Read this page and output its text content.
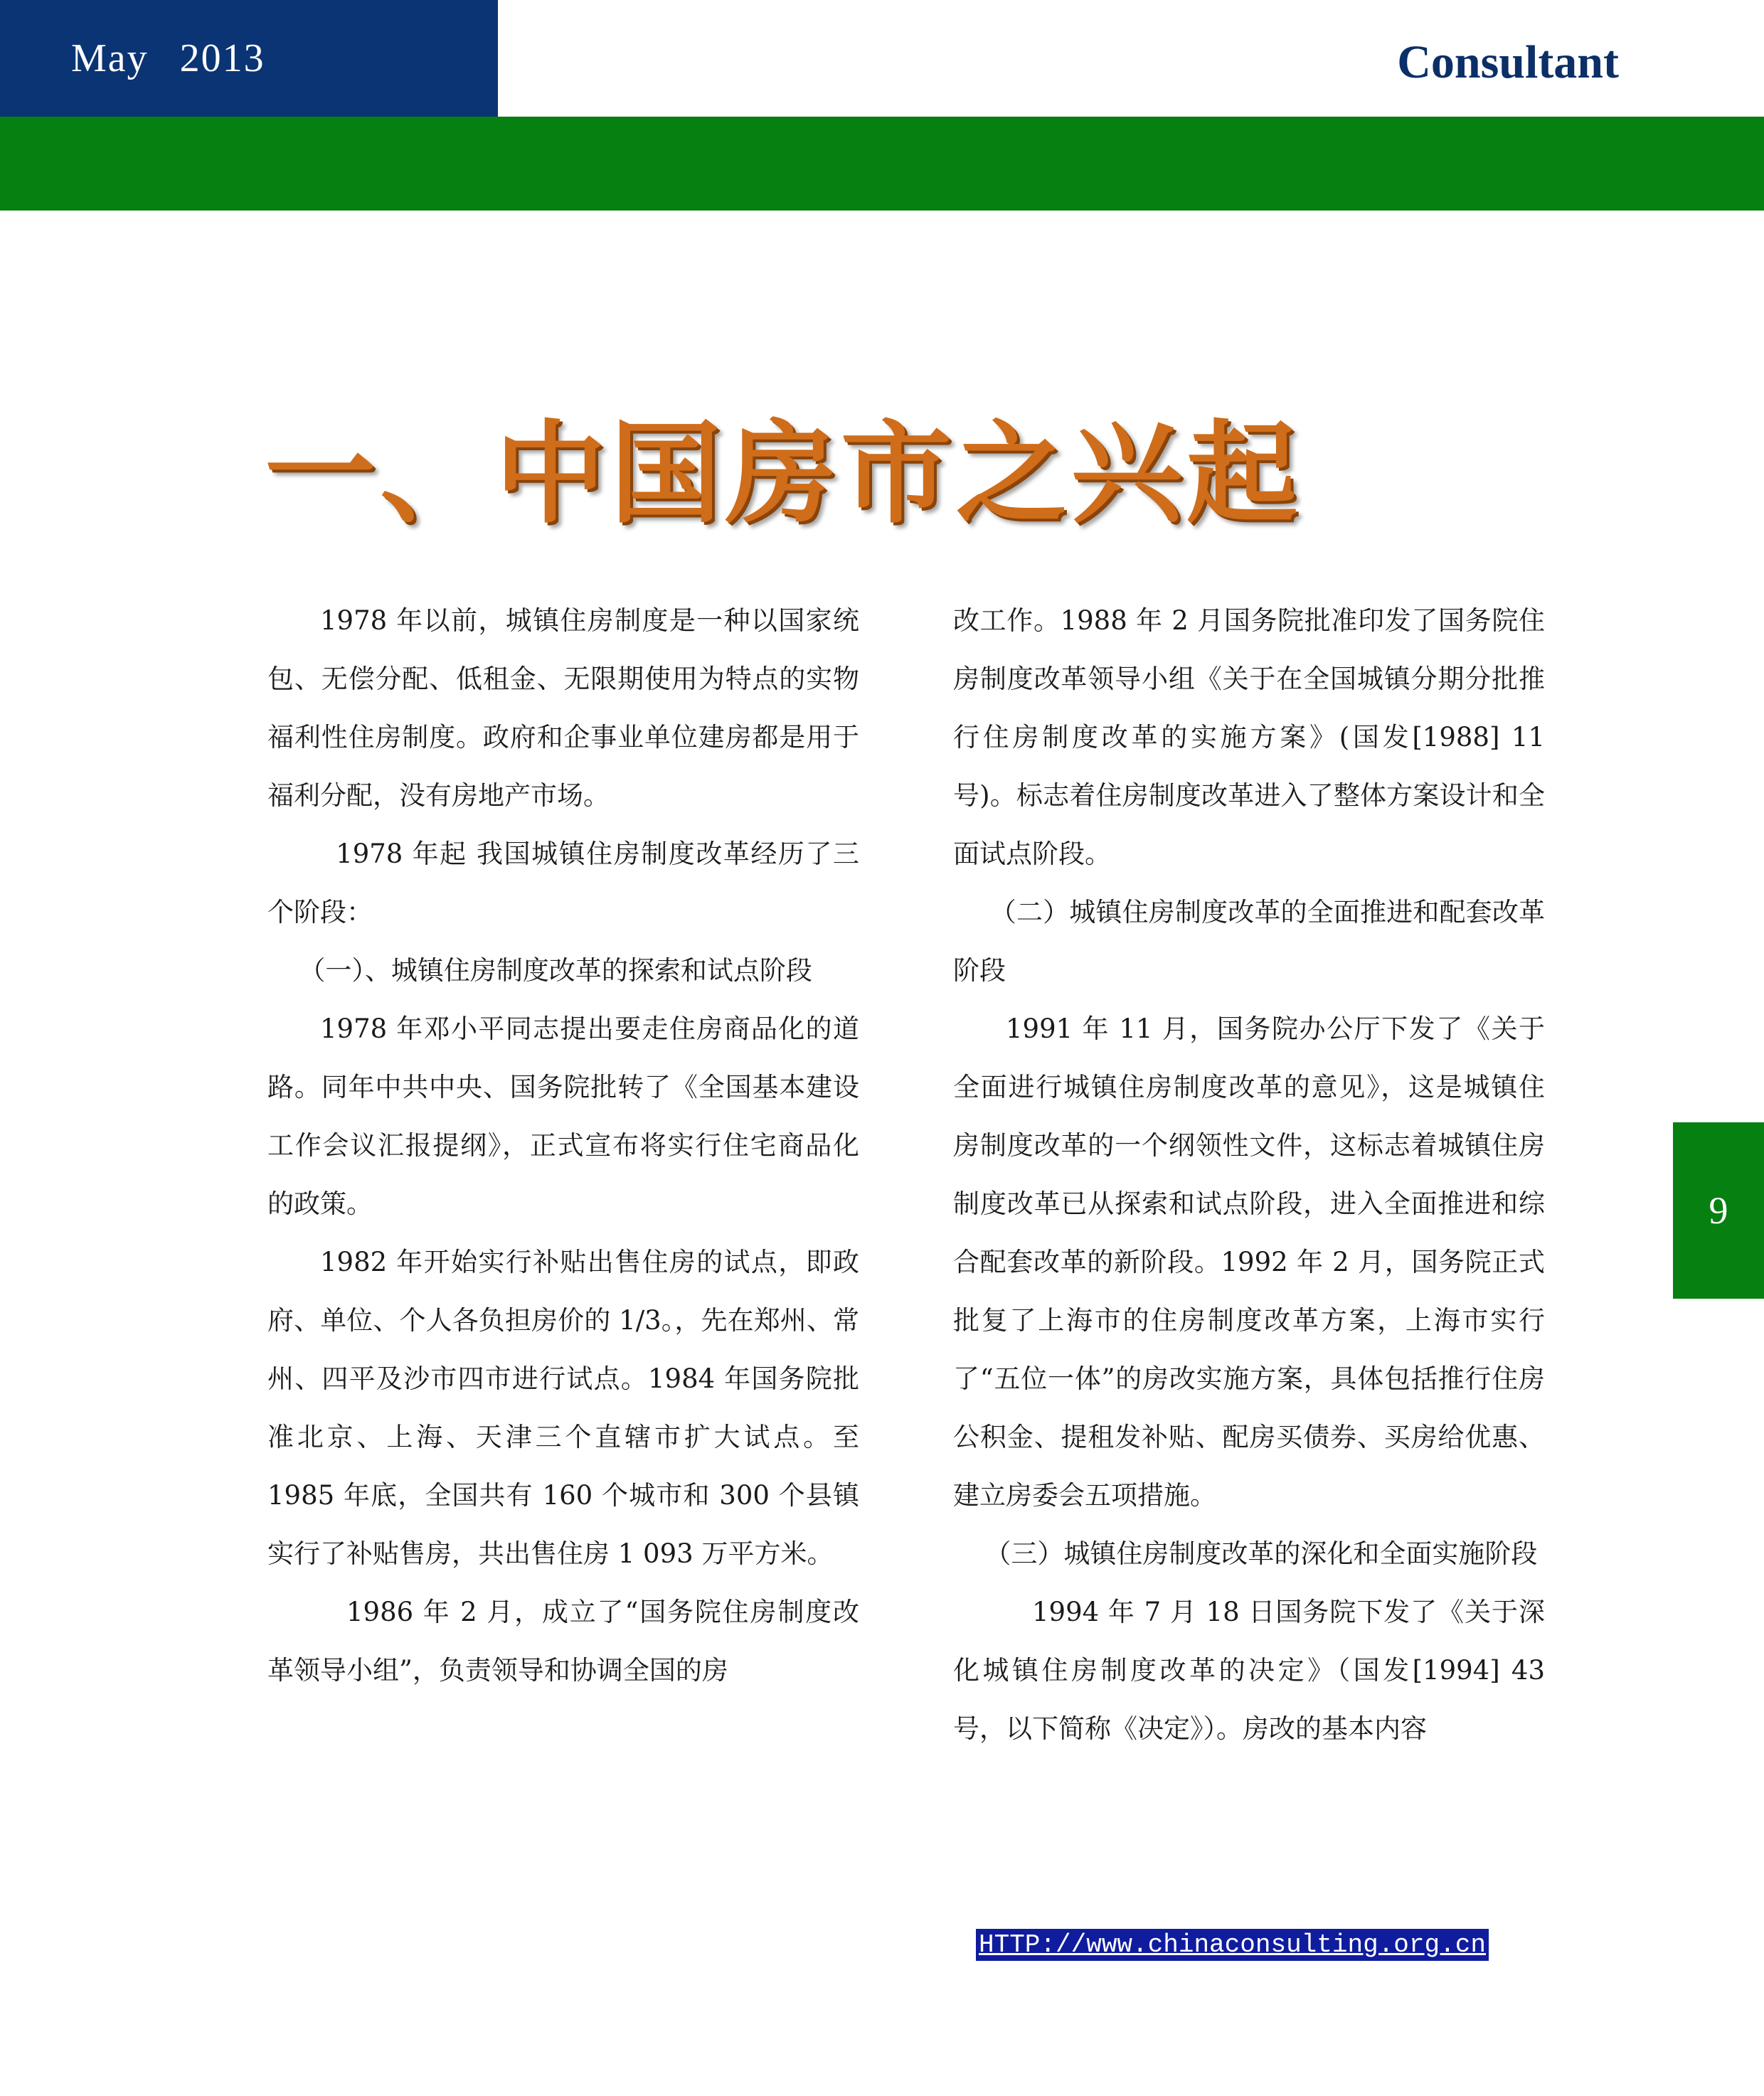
May 2013	Consultant
一、中国房市之兴起

1978 年以前，城镇住房制度是一种以国家统包、无偿分配、低租金、无限期使用为特点的实物福利性住房制度。政府和企事业单位建房都是用于福利分配，没有房地产市场。

1978 年起 我国城镇住房制度改革经历了三个阶段：

（一）、城镇住房制度改革的探索和试点阶段

1978 年邓小平同志提出要走住房商品化的道路。同年中共中央、国务院批转了《全国基本建设工作会议汇报提纲》，正式宣布将实行住宅商品化的政策。

1982 年开始实行补贴出售住房的试点，即政府、单位、个人各负担房价的 1/3。，先在郑州、常州、四平及沙市四市进行试点。1984 年国务院批准北京、上海、天津三个直辖市扩大试点。至 1985 年底，全国共有 160 个城市和 300 个县镇实行了补贴售房，共出售住房 1 093 万平方米。

1986 年 2 月，成立了“国务院住房制度改革领导小组”，负责领导和协调全国的房

改工作。1988 年 2 月国务院批准印发了国务院住房制度改革领导小组《关于在全国城镇分期分批推行住房制度改革的实施方案》(国发[1988] 11 号)。标志着住房制度改革进入了整体方案设计和全面试点阶段。

（二）城镇住房制度改革的全面推进和配套改革阶段

1991 年 11 月，国务院办公厅下发了《关于全面进行城镇住房制度改革的意见》，这是城镇住房制度改革的一个纲领性文件，这标志着城镇住房制度改革已从探索和试点阶段，进入全面推进和综合配套改革的新阶段。1992 年 2 月，国务院正式批复了上海市的住房制度改革方案，上海市实行了“五位一体”的房改实施方案，具体包括推行住房公积金、提租发补贴、配房买债券、买房给优惠、建立房委会五项措施。

（三）城镇住房制度改革的深化和全面实施阶段

1994 年 7 月 18 日国务院下发了《关于深化城镇住房制度改革的决定》（国发[1994] 43 号，以下简称《决定》）。房改的基本内容

9
HTTP://www.chinaconsulting.org.cn
